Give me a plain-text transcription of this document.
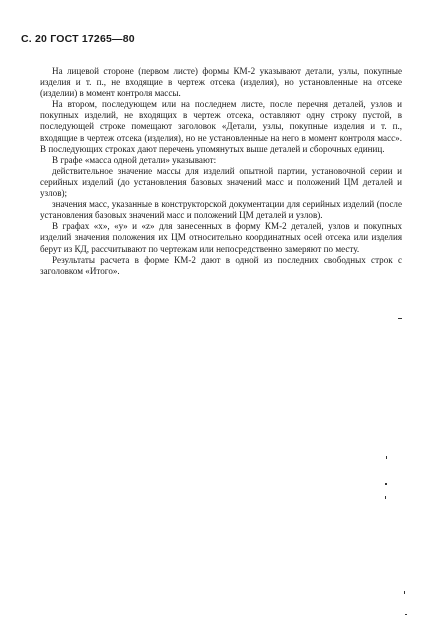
С. 20 ГОСТ 17265—80

На лицевой стороне (первом листе) формы КМ-2 указывают детали, узлы, покупные изделия и т. п., не входящие в чертеж отсека (изделия), но установленные на отсеке (изделии) в момент контроля массы.

На втором, последующем или на последнем листе, после перечня деталей, узлов и покупных изделий, не входящих в чертеж отсека, оставляют одну строку пустой, в последующей строке помещают заголовок «Детали, узлы, покупные изделия и т. п., входящие в чертеж отсека (изделия), но не установленные на него в момент контроля масс». В последующих строках дают перечень упомянутых выше деталей и сборочных единиц.

В графе «масса одной детали» указывают:

действительное значение массы для изделий опытной партии, установочной серии и серийных изделий (до установления базовых значений масс и положений ЦМ деталей и узлов);

значения масс, указанные в конструкторской документации для серийных изделий (после установления базовых значений масс и положений ЦМ деталей и узлов).

В графах «x», «y» и «z» для занесенных в форму КМ-2 деталей, узлов и покупных изделий значения положения их ЦМ относительно координатных осей отсека или изделия берут из КД, рассчитывают по чертежам или непосредственно замеряют по месту.

Результаты расчета в форме КМ-2 дают в одной из последних свободных строк с заголовком «Итого».
